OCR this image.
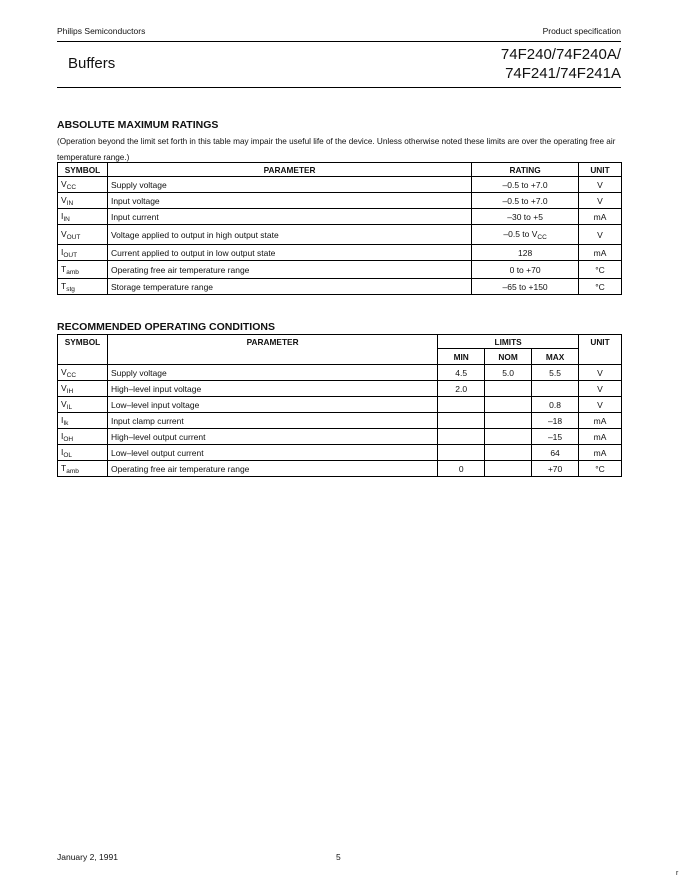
Philips Semiconductors	Product specification
Buffers
74F240/74F240A/
74F241/74F241A
ABSOLUTE MAXIMUM RATINGS
(Operation beyond the limit set forth in this table may impair the useful life of the device. Unless otherwise noted these limits are over the operating free air temperature range.)
SYMBOL	PARAMETER	RATING	UNIT
$V_{CC}$	Supply voltage	–0.5 to +7.0	V
$V_{IN}$	Input voltage	–0.5 to +7.0	V
$I_{IN}$	Input current	–30 to +5	mA
$V_{OUT}$	Voltage applied to output in high output state	–0.5 to $V_{CC}$	V
$I_{OUT}$	Current applied to output in low output state	128	mA
$T_{amb}$	Operating free air temperature range	0 to +70	°C
$T_{stg}$	Storage temperature range	–65 to +150	°C
RECOMMENDED OPERATING CONDITIONS
SYMBOL	PARAMETER	LIMITS			UNIT
		MIN	NOM	MAX	
$V_{CC}$	Supply voltage	4.5	5.0	5.5	V
$V_{IH}$	High–level input voltage	2.0			V
$V_{IL}$	Low–level input voltage			0.8	V
$I_{Ik}$	Input clamp current			–18	mA
$I_{OH}$	High–level output current			–15	mA
$I_{OL}$	Low–level output current			64	mA
$T_{amb}$	Operating free air temperature range	0		+70	°C
January 2, 1991	5
r
